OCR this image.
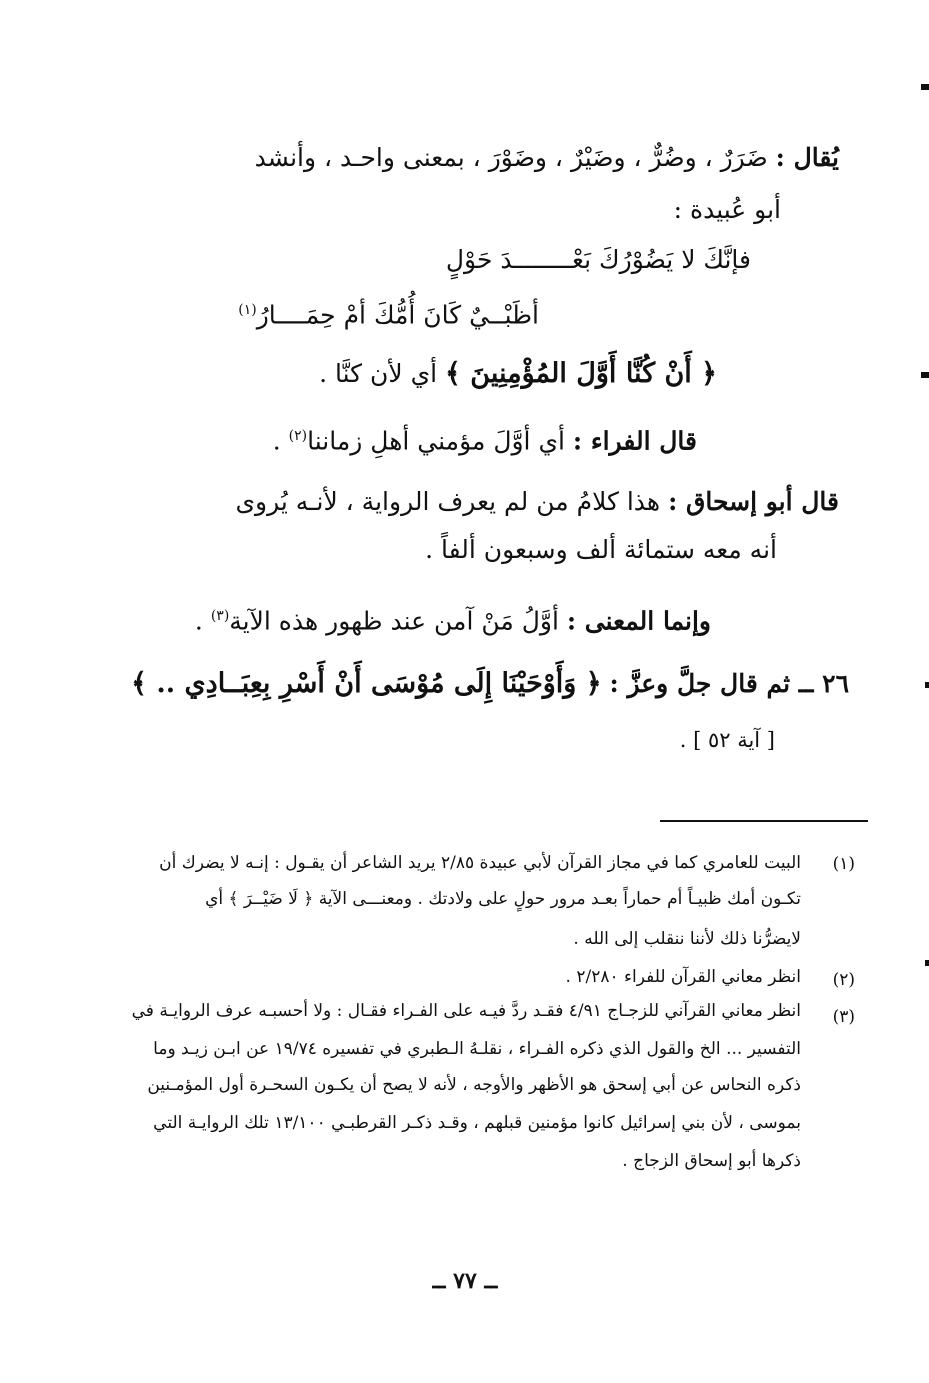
يُقال : ضَرَرٌ ، وضُرٌّ ، وضَيْرٌ ، وضَوْرَ ، بمعنى واحـد ، وأنشد
أبو عُبيدة :
فإنَّكَ لا يَضُوْرُكَ بَعْــــــــدَ حَوْلٍ
أظَبْــيٌ كَانَ أُمُّكَ أمْ حِمَــــارُ$^{(١)}$
﴿ أَنْ كُنَّا أَوَّلَ المُؤْمِنِينَ ﴾ أي لأن كنَّا .
قال الفراء : أي أوَّلَ مؤمني أهلِ زماننا$^{(٢)}$ .
قال أبو إسحاق : هذا كلامُ من لم يعرف الرواية ، لأنـه يُروى
أنه معه ستمائة ألف وسبعون ألفاً .
وإنما المعنى : أوَّلُ مَنْ آمن عند ظهور هذه الآية$^{(٣)}$ .
٢٦ ــ ثم قال جلَّ وعزَّ : ﴿ وَأَوْحَيْنَا إِلَى مُوْسَى أَنْ أَسْرِ بِعِبَــادِي .. ﴾
[ آية ٥٢ ] .
(١)
البيت للعامري كما في مجاز القرآن لأبي عبيدة ٢/٨٥ يريد الشاعر أن يقـول : إنـه لا يضرك أن
تكـون أمك ظبيـاً أم حماراً بعـد مرور حولٍ على ولادتك . ومعنـــى الآية ﴿ لَا ضَيْــرَ ﴾ أي
لايضرُّنا ذلك لأننا ننقلب إلى الله .
(٢)
انظر معاني القرآن للفراء ٢/٢٨٠ .
(٣)
انظر معاني القرآني للزجـاج ٤/٩١ فقـد ردَّ فيـه على الفـراء فقـال : ولا أحسبـه عرف الروايـة في
التفسير ... الخ والقول الذي ذكره الفـراء ، نقلـهُ الـطبري في تفسيره ١٩/٧٤ عن ابـن زيـد وما
ذكره النحاس عن أبي إسحق هو الأظهر والأوجه ، لأنه لا يصح أن يكـون السحـرة أول المؤمـنين
بموسى ، لأن بني إسرائيل كانوا مؤمنين قبلهم ، وقـد ذكـر القرطبـي ١٣/١٠٠ تلك الروايـة التي
ذكرها أبو إسحاق الزجاج .
ــ ٧٧ ــ
